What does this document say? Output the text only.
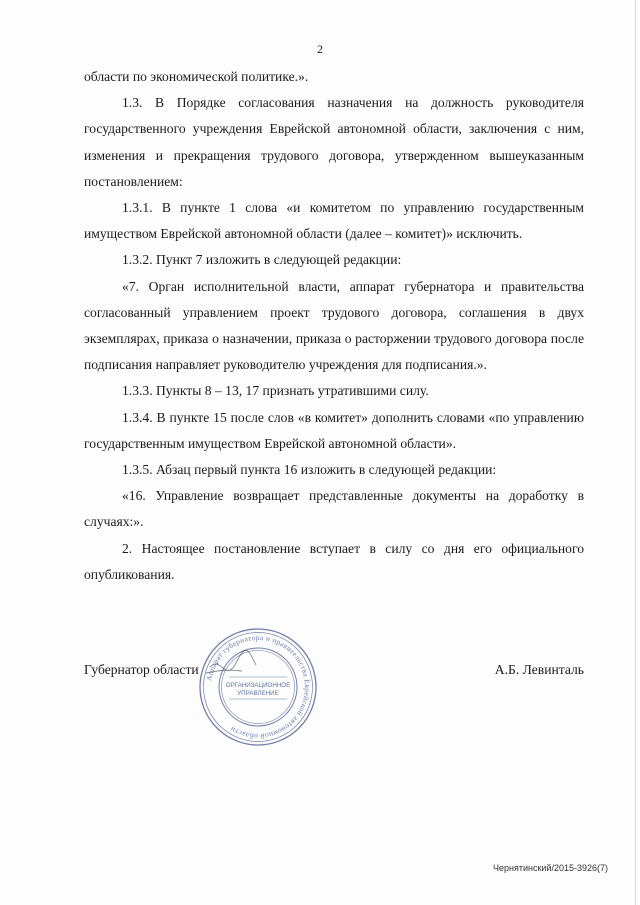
2

области по экономической политике.».

1.3. В Порядке согласования назначения на должность руководителя государственного учреждения Еврейской автономной области, заключения с ним, изменения и прекращения трудового договора, утвержденном вышеуказанным постановлением:

1.3.1. В пункте 1 слова «и комитетом по управлению государственным имуществом Еврейской автономной области (далее – комитет)» исключить.

1.3.2. Пункт 7 изложить в следующей редакции:

«7. Орган исполнительной власти, аппарат губернатора и правительства согласованный управлением проект трудового договора, соглашения в двух экземплярах, приказа о назначении, приказа о расторжении трудового договора после подписания направляет руководителю учреждения для подписания.».

1.3.3. Пункты 8 – 13, 17 признать утратившими силу.

1.3.4. В пункте 15 после слов «в комитет» дополнить словами «по управлению государственным имуществом Еврейской автономной области».

1.3.5. Абзац первый пункта 16 изложить в следующей редакции:

«16. Управление возвращает представленные документы на доработку в случаях:».

2. Настоящее постановление вступает в силу со дня его официального опубликования.

Губернатор области	А.Б. Левинталь
Аппарат губернатора и правительства Еврейской автономной области
ОРГАНИЗАЦИОННОЕ
УПРАВЛЕНИЕ
Чернятинский/2015-3926(7)
